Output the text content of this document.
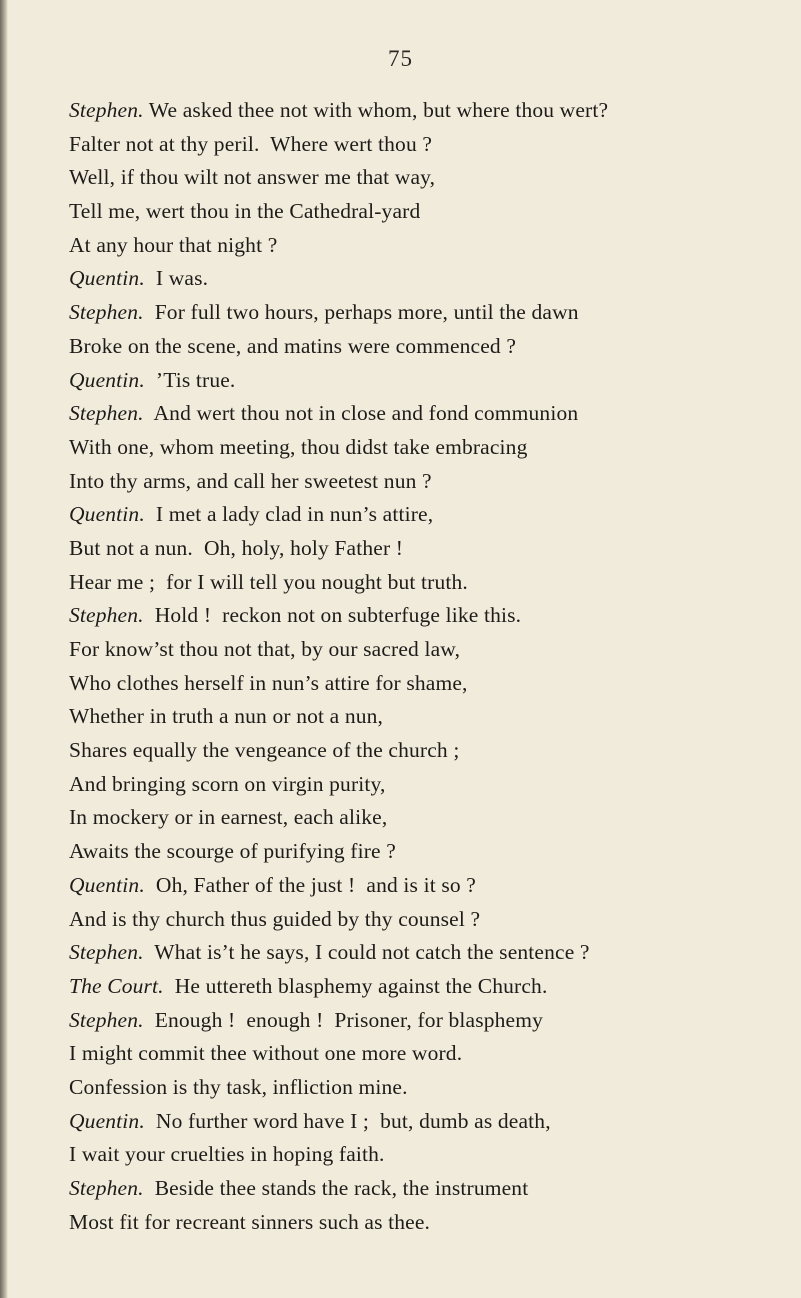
75
Stephen. We asked thee not with whom, but where thou wert?
Falter not at thy peril.  Where wert thou ?
Well, if thou wilt not answer me that way,
Tell me, wert thou in the Cathedral-yard
At any hour that night ?
Quentin.  I was.
Stephen.  For full two hours, perhaps more, until the dawn
Broke on the scene, and matins were commenced ?
Quentin.  ’Tis true.
Stephen.  And wert thou not in close and fond communion
With one, whom meeting, thou didst take embracing
Into thy arms, and call her sweetest nun ?
Quentin.  I met a lady clad in nun’s attire,
But not a nun.  Oh, holy, holy Father !
Hear me ;  for I will tell you nought but truth.
Stephen.  Hold !  reckon not on subterfuge like this.
For know’st thou not that, by our sacred law,
Who clothes herself in nun’s attire for shame,
Whether in truth a nun or not a nun,
Shares equally the vengeance of the church ;
And bringing scorn on virgin purity,
In mockery or in earnest, each alike,
Awaits the scourge of purifying fire ?
Quentin.  Oh, Father of the just !  and is it so ?
And is thy church thus guided by thy counsel ?
Stephen.  What is’t he says, I could not catch the sentence ?
The Court.  He uttereth blasphemy against the Church.
Stephen.  Enough !  enough !  Prisoner, for blasphemy
I might commit thee without one more word.
Confession is thy task, infliction mine.
Quentin.  No further word have I ;  but, dumb as death,
I wait your cruelties in hoping faith.
Stephen.  Beside thee stands the rack, the instrument
Most fit for recreant sinners such as thee.
